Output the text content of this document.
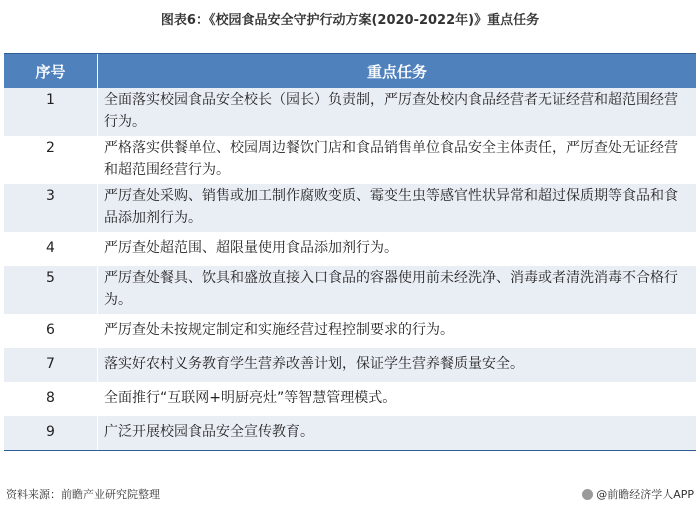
图表6：《校园食品安全守护行动方案(2020-2022年)》重点任务
序号	重点任务
1	全面落实校园食品安全校长（园长）负责制，严厉查处校内食品经营者无证经营和超范围经营行为。
2	严格落实供餐单位、校园周边餐饮门店和食品销售单位食品安全主体责任，严厉查处无证经营和超范围经营行为。
3	严厉查处采购、销售或加工制作腐败变质、霉变生虫等感官性状异常和超过保质期等食品和食品添加剂行为。
4	严厉查处超范围、超限量使用食品添加剂行为。
5	严厉查处餐具、饮具和盛放直接入口食品的容器使用前未经洗净、消毒或者清洗消毒不合格行为。
6	严厉查处未按规定制定和实施经营过程控制要求的行为。
7	落实好农村义务教育学生营养改善计划，保证学生营养餐质量安全。
8	全面推行“互联网+明厨亮灶”等智慧管理模式。
9	广泛开展校园食品安全宣传教育。
资料来源：前瞻产业研究院整理	@前瞻经济学人APP
